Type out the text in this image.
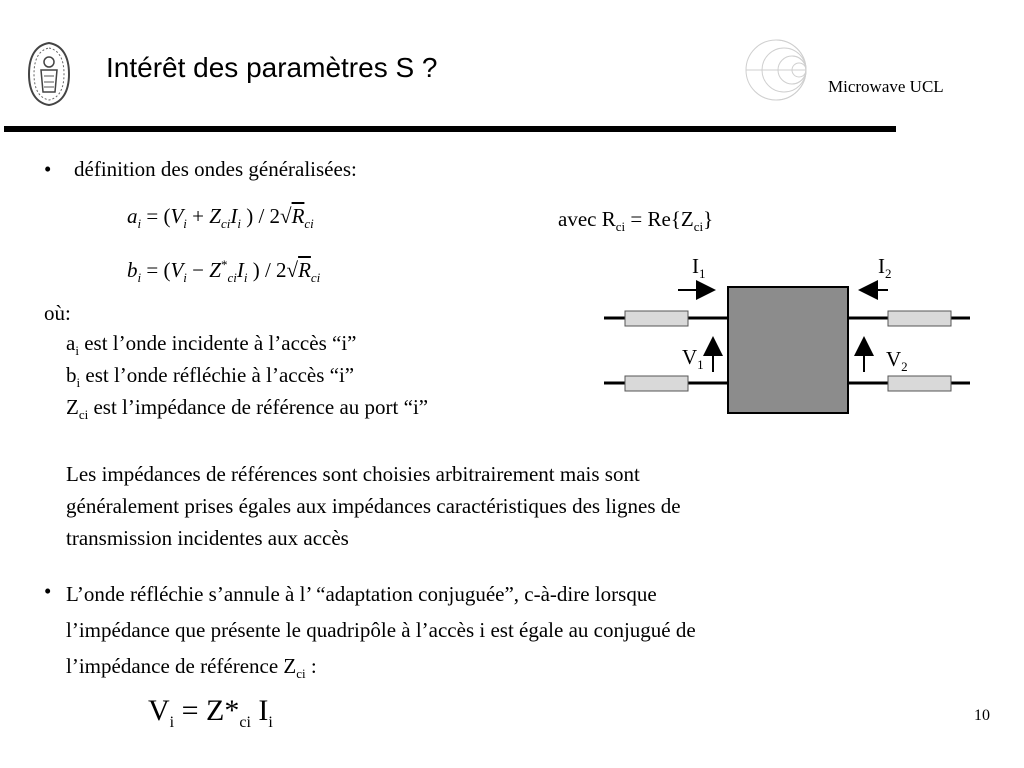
Intérêt des paramètres S ?
Microwave UCL
• définition des ondes généralisées:
$a_i = (V_i + Z_{ci}I_i$ ) / $2√R_{ci}$
$b_i = (V_i - Z^*_{ci}I_i$ ) / $2√R_{ci}$
avec $R_{ci} = Re\{Z_{ci}\}$
où:
$a_i$ est l’onde incidente à l’accès “i”
$b_i$ est l’onde réfléchie à l’accès “i”
$Z_{ci}$ est l’impédance de référence au port “i”
Les impédances de références sont choisies arbitrairement mais sont
généralement prises égales aux impédances caractéristiques des lignes de
transmission incidentes aux accès
• L’onde réfléchie s’annule à l’ “adaptation conjuguée”, c-à-dire lorsque
l’impédance que présente le quadripôle à l’accès i est égale au conjugué de
l’impédance de référence $Z_{ci}$ :
$V_i = Z*_{ci}$ $I_i$
$I_1$	$I_2$
$V_1$	$V_2$
10
